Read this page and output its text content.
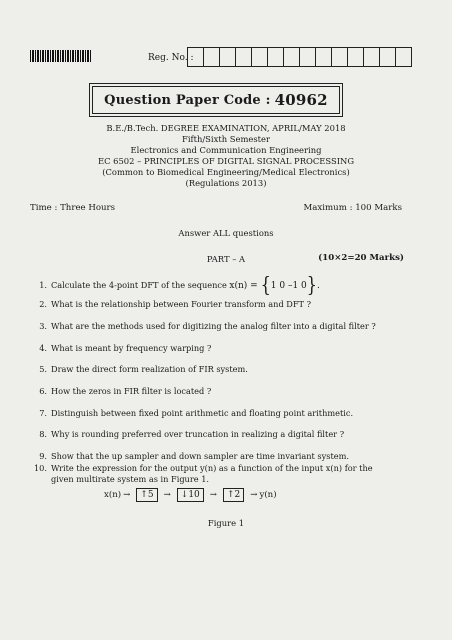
Reg. No. :
Question Paper Code : 40962
B.E./B.Tech. DEGREE EXAMINATION, APRIL/MAY 2018
Fifth/Sixth Semester
Electronics and Communication Engineering
EC 6502 – PRINCIPLES OF DIGITAL SIGNAL PROCESSING
(Common to Biomedical Engineering/Medical Electronics)
(Regulations 2013)
Time : Three Hours	Maximum : 100 Marks
Answer ALL questions
PART – A	(10×2=20 Marks)
1. Calculate the 4-point DFT of the sequence x(n) = {1 0 –1 0}.
2. What is the relationship between Fourier transform and DFT ?
3. What are the methods used for digitizing the analog filter into a digital filter ?
4. What is meant by frequency warping ?
5. Draw the direct form realization of FIR system.
6. How the zeros in FIR filter is located ?
7. Distinguish between fixed point arithmetic and floating point arithmetic.
8. Why is rounding preferred over truncation in realizing a digital filter ?
9. Show that the up sampler and down sampler are time invariant system.
10. Write the expression for the output y(n) as a function of the input x(n) for the
given multirate system as in Figure 1.
x(n) →	↑5	→	↓10	→	↑2	→ y(n)
Figure 1
